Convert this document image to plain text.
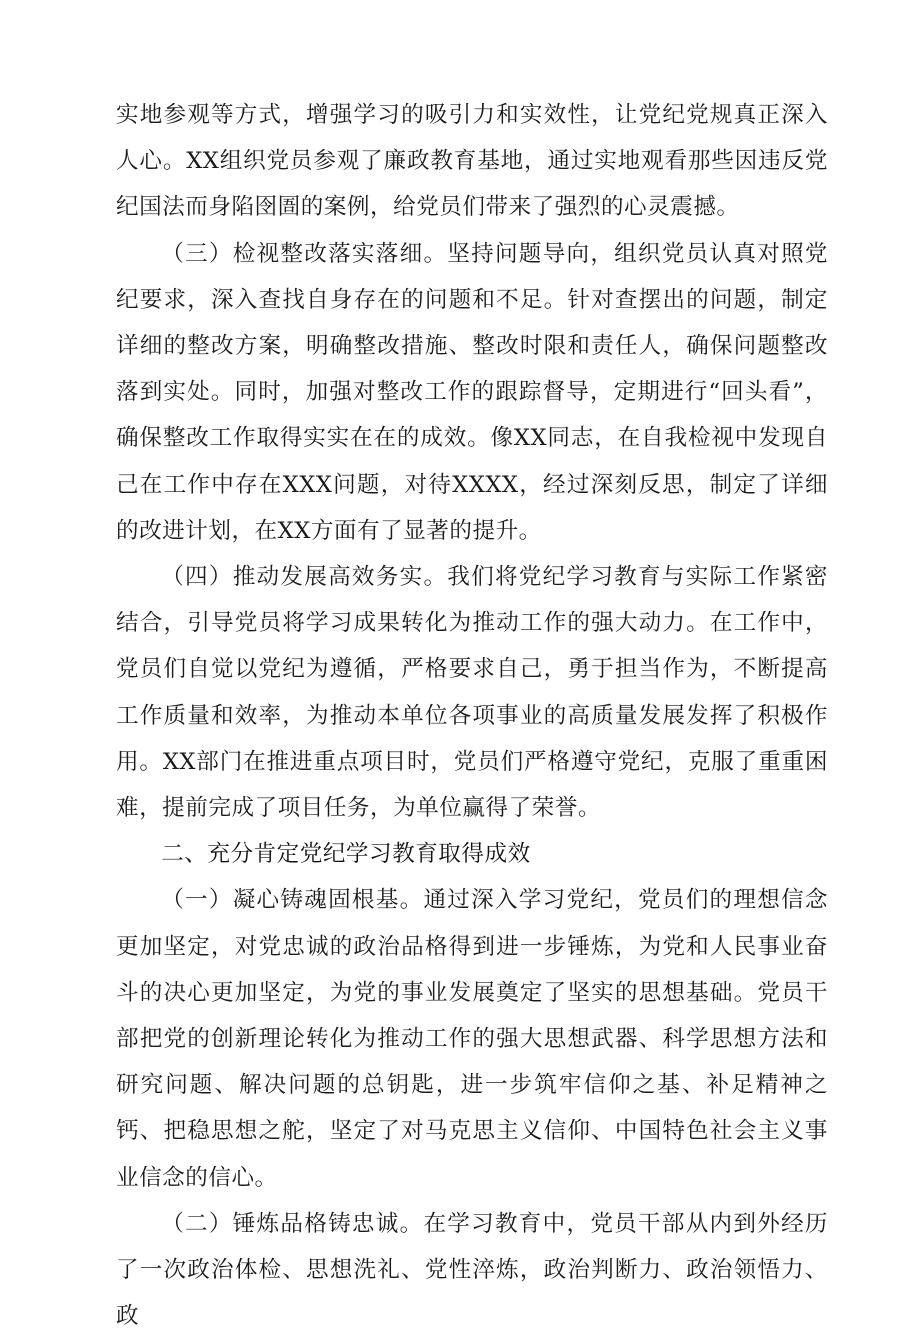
实地参观等方式，增强学习的吸引力和实效性，让党纪党规真正深入人心。XX组织党员参观了廉政教育基地，通过实地观看那些因违反党纪国法而身陷囹圄的案例，给党员们带来了强烈的心灵震撼。

（三）检视整改落实落细。坚持问题导向，组织党员认真对照党纪要求，深入查找自身存在的问题和不足。针对查摆出的问题，制定详细的整改方案，明确整改措施、整改时限和责任人，确保问题整改落到实处。同时，加强对整改工作的跟踪督导，定期进行“回头看”，确保整改工作取得实实在在的成效。像XX同志，在自我检视中发现自己在工作中存在XXX问题，对待XXXX，经过深刻反思，制定了详细的改进计划，在XX方面有了显著的提升。

（四）推动发展高效务实。我们将党纪学习教育与实际工作紧密结合，引导党员将学习成果转化为推动工作的强大动力。在工作中，党员们自觉以党纪为遵循，严格要求自己，勇于担当作为，不断提高工作质量和效率，为推动本单位各项事业的高质量发展发挥了积极作用。XX部门在推进重点项目时，党员们严格遵守党纪，克服了重重困难，提前完成了项目任务，为单位赢得了荣誉。

二、充分肯定党纪学习教育取得成效

（一）凝心铸魂固根基。通过深入学习党纪，党员们的理想信念更加坚定，对党忠诚的政治品格得到进一步锤炼，为党和人民事业奋斗的决心更加坚定，为党的事业发展奠定了坚实的思想基础。党员干部把党的创新理论转化为推动工作的强大思想武器、科学思想方法和研究问题、解决问题的总钥匙，进一步筑牢信仰之基、补足精神之钙、把稳思想之舵，坚定了对马克思主义信仰、中国特色社会主义事业信念的信心。

（二）锤炼品格铸忠诚。在学习教育中，党员干部从内到外经历了一次政治体检、思想洗礼、党性淬炼，政治判断力、政治领悟力、政
